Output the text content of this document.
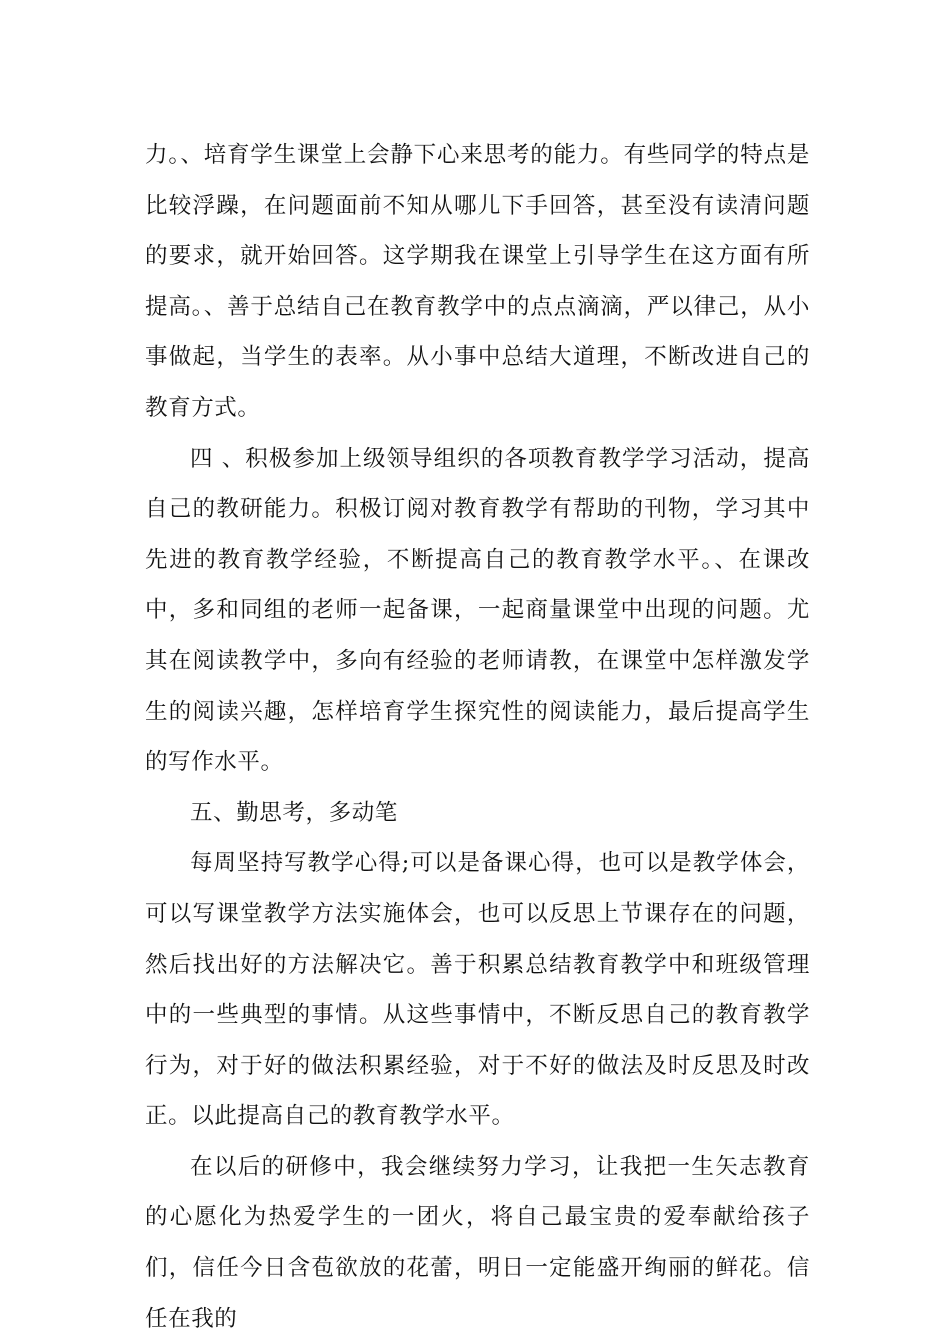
力。、培育学生课堂上会静下心来思考的能力。有些同学的特点是比较浮躁，在问题面前不知从哪儿下手回答，甚至没有读清问题的要求，就开始回答。这学期我在课堂上引导学生在这方面有所提高。、善于总结自己在教育教学中的点点滴滴，严以律己，从小事做起，当学生的表率。从小事中总结大道理，不断改进自己的教育方式。

四 、积极参加上级领导组织的各项教育教学学习活动，提高自己的教研能力。积极订阅对教育教学有帮助的刊物，学习其中先进的教育教学经验，不断提高自己的教育教学水平。、在课改中，多和同组的老师一起备课，一起商量课堂中出现的问题。尤其在阅读教学中，多向有经验的老师请教，在课堂中怎样激发学生的阅读兴趣，怎样培育学生探究性的阅读能力，最后提高学生的写作水平。

五、勤思考，多动笔

每周坚持写教学心得;可以是备课心得，也可以是教学体会，可以写课堂教学方法实施体会，也可以反思上节课存在的问题，然后找出好的方法解决它。善于积累总结教育教学中和班级管理中的一些典型的事情。从这些事情中，不断反思自己的教育教学行为，对于好的做法积累经验，对于不好的做法及时反思及时改正。以此提高自己的教育教学水平。

在以后的研修中，我会继续努力学习，让我把一生矢志教育的心愿化为热爱学生的一团火，将自己最宝贵的爱奉献给孩子们，信任今日含苞欲放的花蕾，明日一定能盛开绚丽的鲜花。信任在我的
